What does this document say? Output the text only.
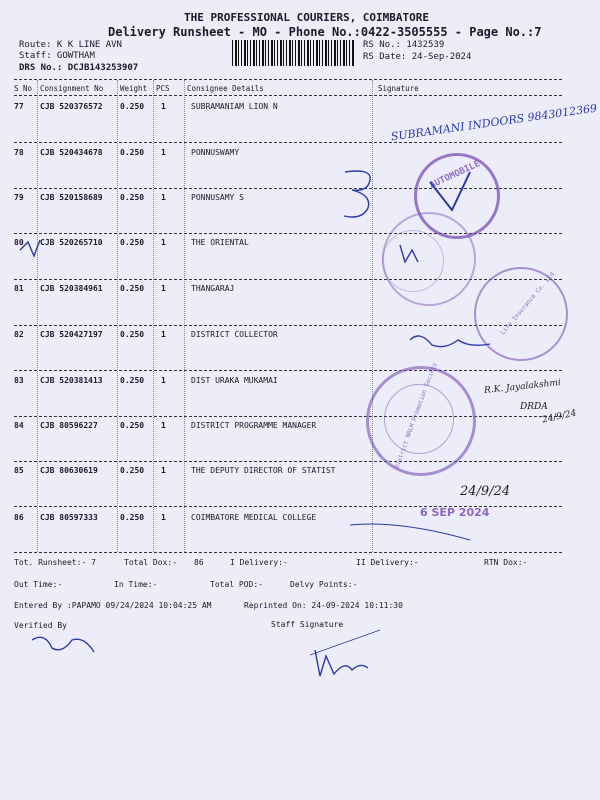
THE PROFESSIONAL COURIERS, COIMBATORE
Delivery Runsheet - MO - Phone No.:0422-3505555 - Page No.:7
Route: K K LINE AVN
Staff: GOWTHAM
DRS No.: DCJB143253907
RS No.: 1432539
RS Date: 24-Sep-2024
S No Consignment No Weight PCS Consignee Details	Signature
77 CJB 520376572 0.250 1	SUBRAMANIAM LION N
78 CJB 520434678 0.250 1	PONNUSWAMY
79 CJB 520158689 0.250 1	PONNUSAMY S
80 CJB 520265710 0.250 1	THE ORIENTAL
81 CJB 520384961 0.250 1	THANGARAJ
82 CJB 520427197 0.250 1	DISTRICT COLLECTOR
83 CJB 520381413 0.250 1	DIST URAKA MUKAMAI
84 CJB 80596227	0.250 1	DISTRICT PROGRAMME MANAGER
85 CJB 80630619	0.250 1	THE DEPUTY DIRECTOR OF STATIST
86 CJB 80597333	0.250 1	COIMBATORE MEDICAL COLLEGE
AUTOMOBILE
Life Insurance Co. Ltd
District NRLM Promotion Society
SUBRAMANI INDOORS 9843012369
R.K. Jayalakshmi
DRDA
24/9/24
24/9/24
6 SEP 2024
Tot. Runsheet:- 7	Total Dox:- 86	I Delivery:-	II Delivery:-	RTN Dox:-
Out Time:-	In Time:-	Total POD:-	Delvy Points:-
Entered By :PAPAMO 09/24/2024 10:04:25 AM	Reprinted On: 24-09-2024 10:11:30
Verified By	Staff Signature
